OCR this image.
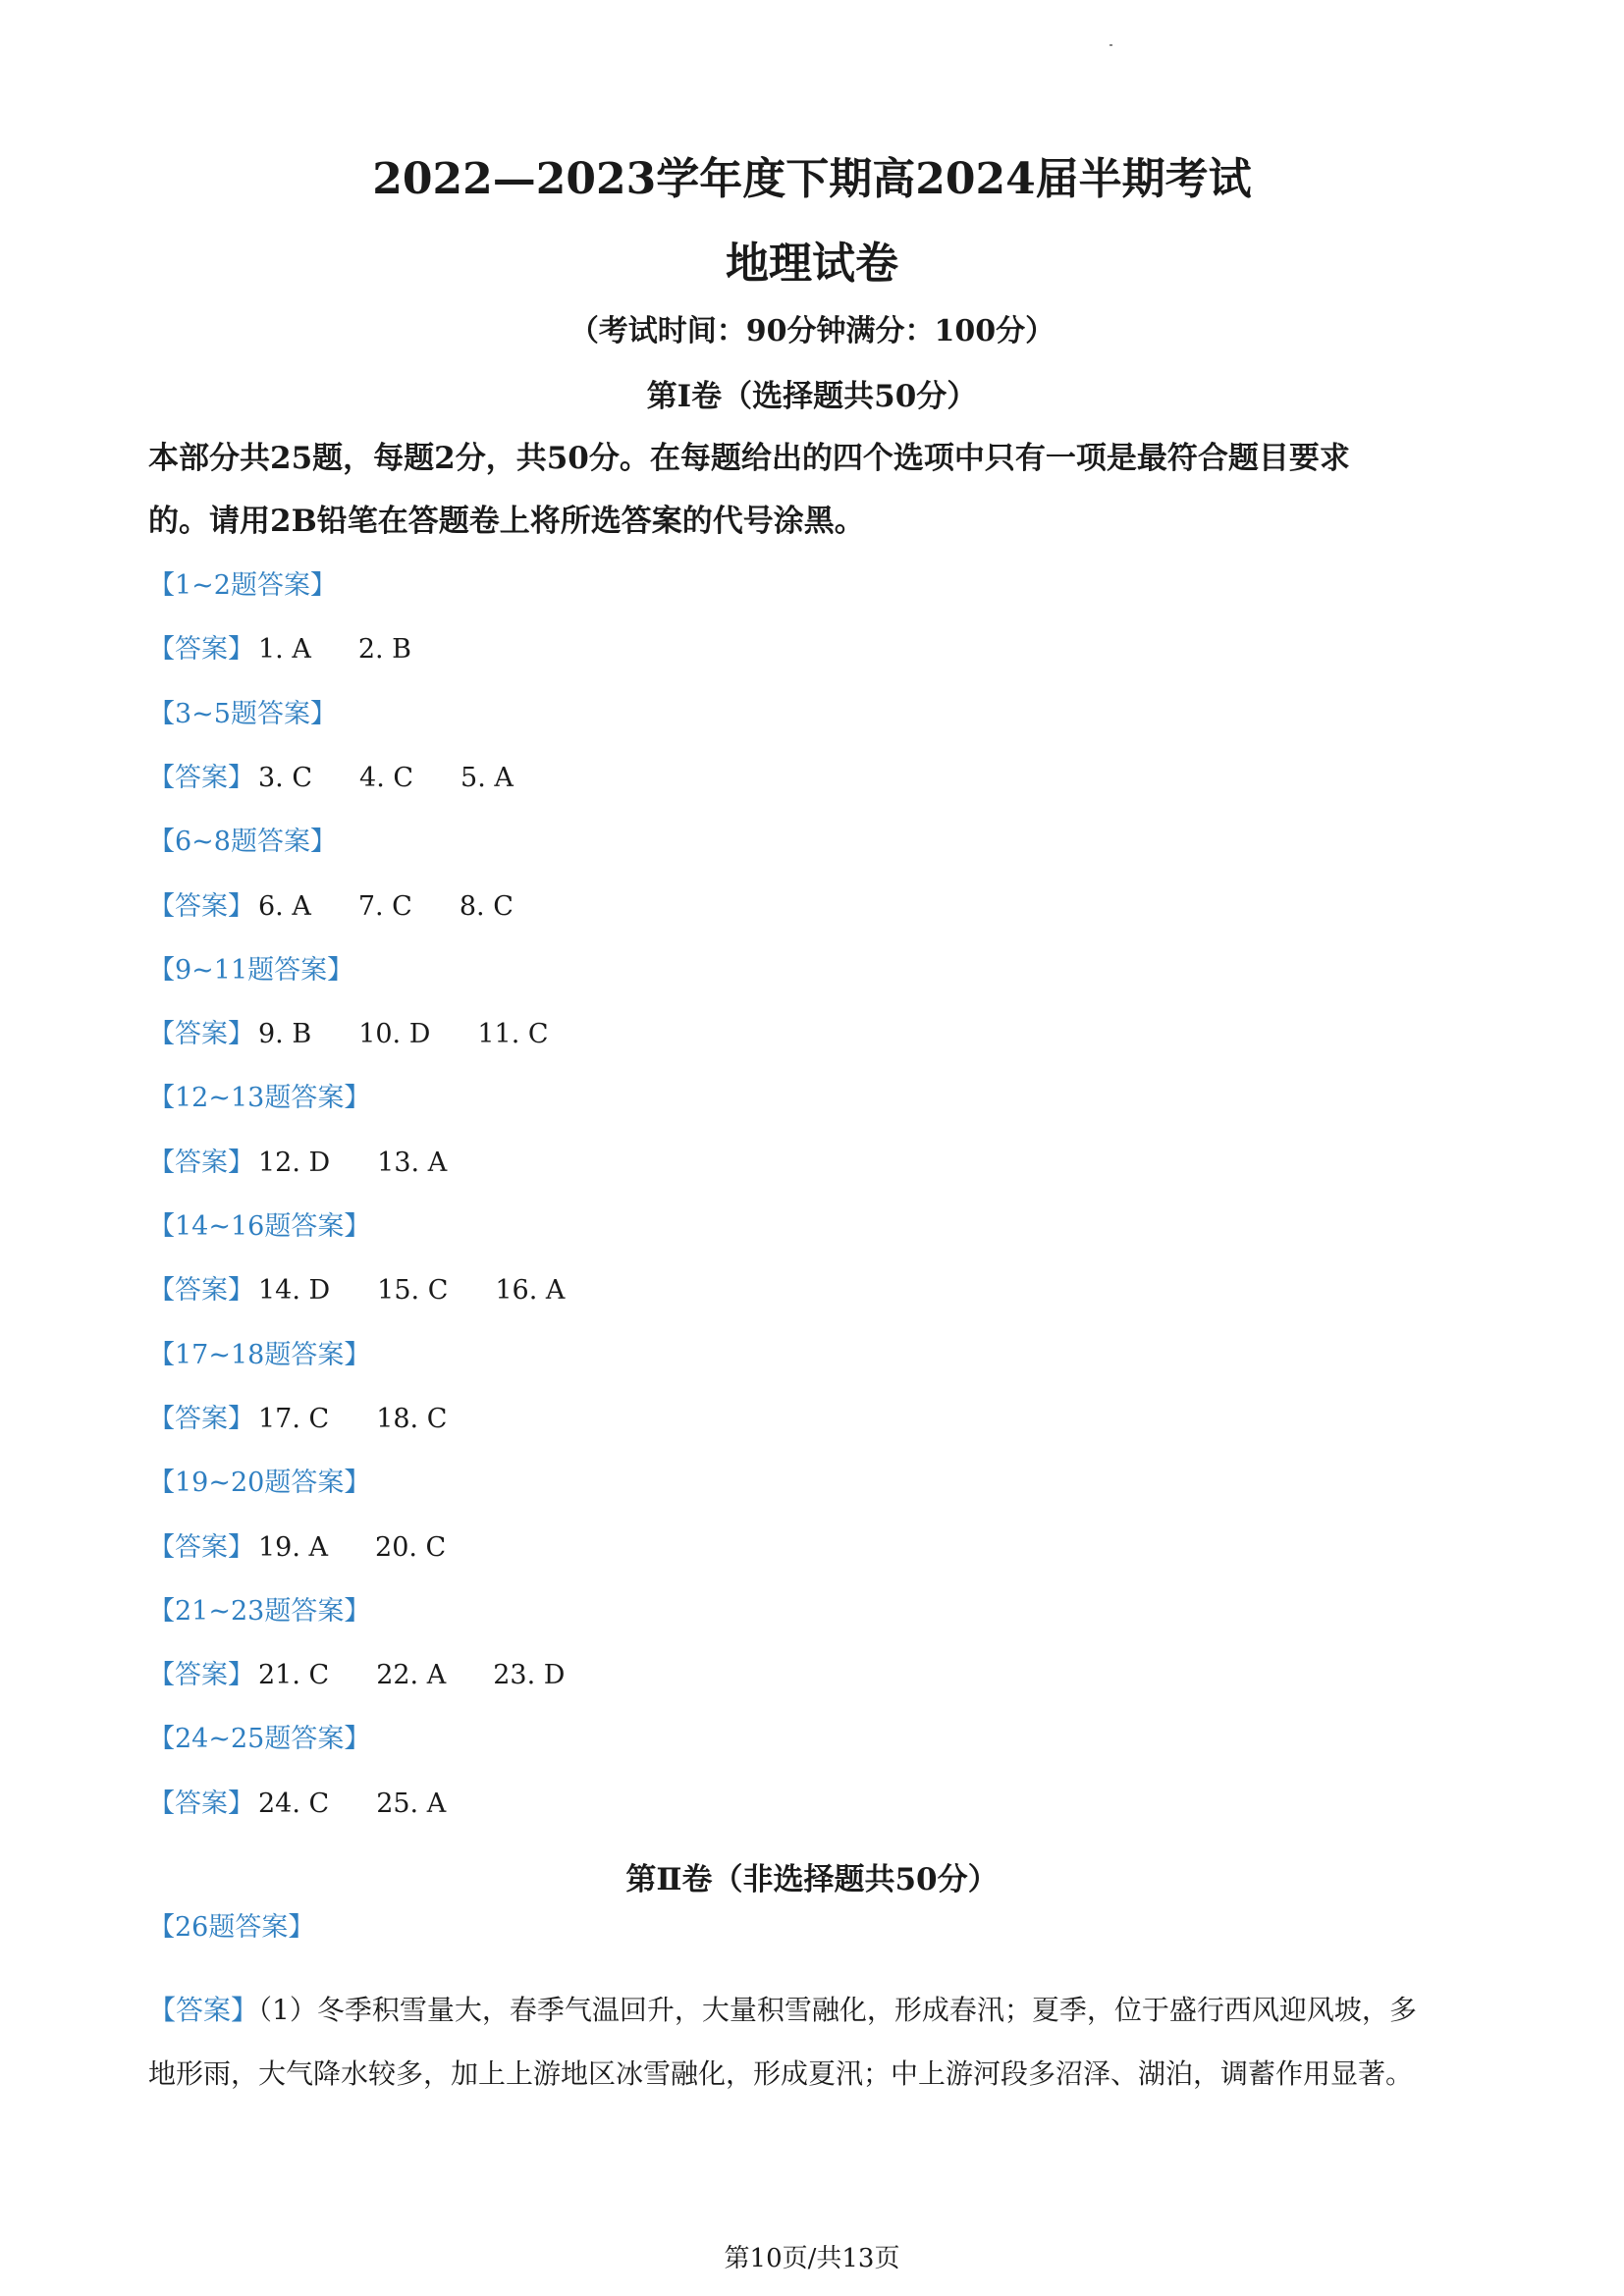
2022—2023学年度下期高2024届半期考试
地理试卷
（考试时间：90分钟满分：100分）
第Ⅰ卷（选择题共50分）
本部分共25题，每题2分，共50分。在每题给出的四个选项中只有一项是最符合题目要求
的。请用2B铅笔在答题卷上将所选答案的代号涂黑。
【1~2题答案】
【答案】 1. A 2. B
【3~5题答案】
【答案】 3. C 4. C 5. A
【6~8题答案】
【答案】 6. A 7. C 8. C
【9~11题答案】
【答案】 9. B 10. D 11. C
【12~13题答案】
【答案】 12. D 13. A
【14~16题答案】
【答案】 14. D 15. C 16. A
【17~18题答案】
【答案】 17. C 18. C
【19~20题答案】
【答案】 19. A 20. C
【21~23题答案】
【答案】 21. C 22. A 23. D
【24~25题答案】
【答案】 24. C 25. A
第Ⅱ卷（非选择题共50分）
【26题答案】
【答案】（1）冬季积雪量大，春季气温回升，大量积雪融化，形成春汛；夏季，位于盛行西风迎风坡，多
地形雨，大气降水较多，加上上游地区冰雪融化，形成夏汛；中上游河段多沼泽、湖泊，调蓄作用显著。
第10页/共13页
